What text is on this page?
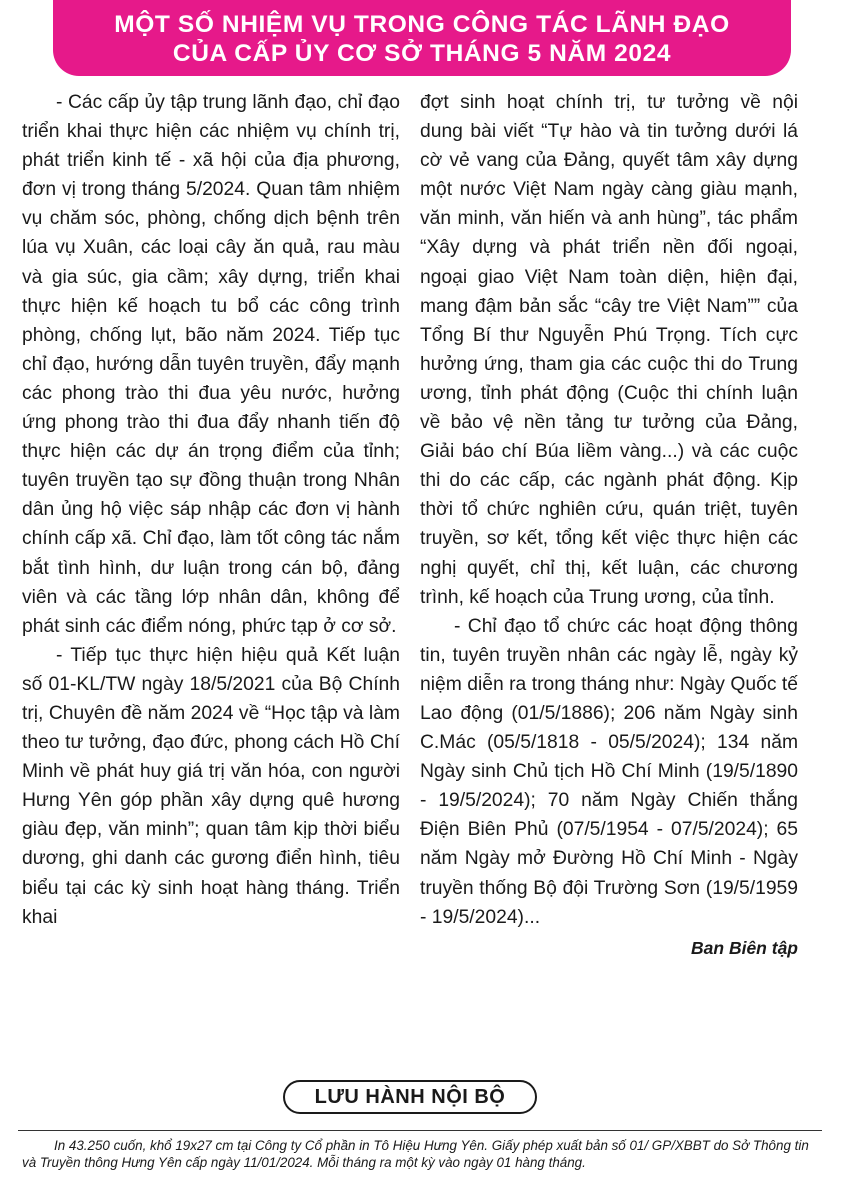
MỘT SỐ NHIỆM VỤ TRONG CÔNG TÁC LÃNH ĐẠO
CỦA CẤP ỦY CƠ SỞ THÁNG 5 NĂM 2024

- Các cấp ủy tập trung lãnh đạo, chỉ đạo triển khai thực hiện các nhiệm vụ chính trị, phát triển kinh tế - xã hội của địa phương, đơn vị trong tháng 5/2024. Quan tâm nhiệm vụ chăm sóc, phòng, chống dịch bệnh trên lúa vụ Xuân, các loại cây ăn quả, rau màu và gia súc, gia cầm; xây dựng, triển khai thực hiện kế hoạch tu bổ các công trình phòng, chống lụt, bão năm 2024. Tiếp tục chỉ đạo, hướng dẫn tuyên truyền, đẩy mạnh các phong trào thi đua yêu nước, hưởng ứng phong trào thi đua đẩy nhanh tiến độ thực hiện các dự án trọng điểm của tỉnh; tuyên truyền tạo sự đồng thuận trong Nhân dân ủng hộ việc sáp nhập các đơn vị hành chính cấp xã. Chỉ đạo, làm tốt công tác nắm bắt tình hình, dư luận trong cán bộ, đảng viên và các tầng lớp nhân dân, không để phát sinh các điểm nóng, phức tạp ở cơ sở.

- Tiếp tục thực hiện hiệu quả Kết luận số 01-KL/TW ngày 18/5/2021 của Bộ Chính trị, Chuyên đề năm 2024 về “Học tập và làm theo tư tưởng, đạo đức, phong cách Hồ Chí Minh về phát huy giá trị văn hóa, con người Hưng Yên góp phần xây dựng quê hương giàu đẹp, văn minh”; quan tâm kịp thời biểu dương, ghi danh các gương điển hình, tiêu biểu tại các kỳ sinh hoạt hàng tháng. Triển khai

đợt sinh hoạt chính trị, tư tưởng về nội dung bài viết “Tự hào và tin tưởng dưới lá cờ vẻ vang của Đảng, quyết tâm xây dựng một nước Việt Nam ngày càng giàu mạnh, văn minh, văn hiến và anh hùng”, tác phẩm “Xây dựng và phát triển nền đối ngoại, ngoại giao Việt Nam toàn diện, hiện đại, mang đậm bản sắc “cây tre Việt Nam”” của Tổng Bí thư Nguyễn Phú Trọng. Tích cực hưởng ứng, tham gia các cuộc thi do Trung ương, tỉnh phát động (Cuộc thi chính luận về bảo vệ nền tảng tư tưởng của Đảng, Giải báo chí Búa liềm vàng...) và các cuộc thi do các cấp, các ngành phát động. Kịp thời tổ chức nghiên cứu, quán triệt, tuyên truyền, sơ kết, tổng kết việc thực hiện các nghị quyết, chỉ thị, kết luận, các chương trình, kế hoạch của Trung ương, của tỉnh.

- Chỉ đạo tổ chức các hoạt động thông tin, tuyên truyền nhân các ngày lễ, ngày kỷ niệm diễn ra trong tháng như: Ngày Quốc tế Lao động (01/5/1886); 206 năm Ngày sinh C.Mác (05/5/1818 - 05/5/2024); 134 năm Ngày sinh Chủ tịch Hồ Chí Minh (19/5/1890 - 19/5/2024); 70 năm Ngày Chiến thắng Điện Biên Phủ (07/5/1954 - 07/5/2024); 65 năm Ngày mở Đường Hồ Chí Minh - Ngày truyền thống Bộ đội Trường Sơn (19/5/1959 - 19/5/2024)...

Ban Biên tập

LƯU HÀNH NỘI BỘ

In 43.250 cuốn, khổ 19x27 cm tại Công ty Cổ phần in Tô Hiệu Hưng Yên. Giấy phép xuất bản số 01/ GP/XBBT do Sở Thông tin và Truyền thông Hưng Yên cấp ngày 11/01/2024. Mỗi tháng ra một kỳ vào ngày 01 hàng tháng.
